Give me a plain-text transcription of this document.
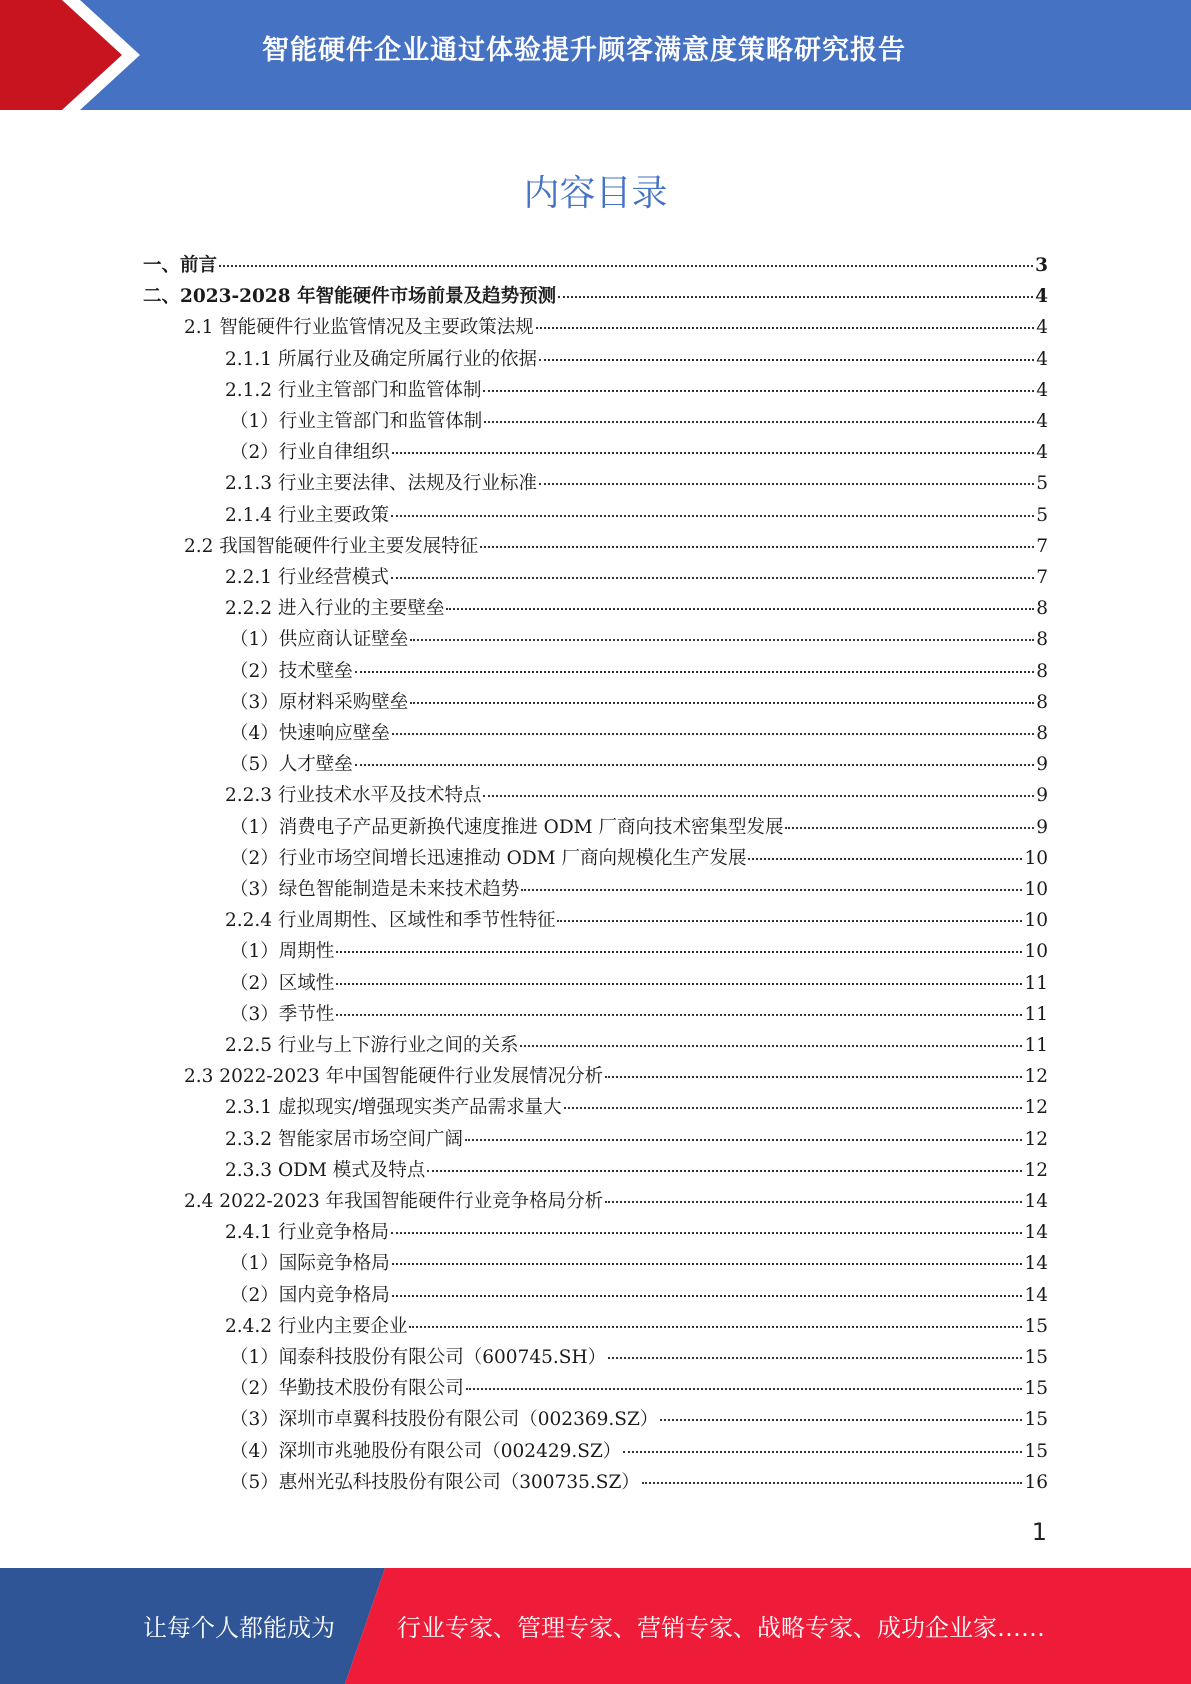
智能硬件企业通过体验提升顾客满意度策略研究报告
内容目录
一、前言	3
二、2023-2028 年智能硬件市场前景及趋势预测	4
2.1 智能硬件行业监管情况及主要政策法规	4
2.1.1 所属行业及确定所属行业的依据	4
2.1.2 行业主管部门和监管体制	4
（1）行业主管部门和监管体制	4
（2）行业自律组织	4
2.1.3 行业主要法律、法规及行业标准	5
2.1.4 行业主要政策	5
2.2 我国智能硬件行业主要发展特征	7
2.2.1 行业经营模式	7
2.2.2 进入行业的主要壁垒	8
（1）供应商认证壁垒	8
（2）技术壁垒	8
（3）原材料采购壁垒	8
（4）快速响应壁垒	8
（5）人才壁垒	9
2.2.3 行业技术水平及技术特点	9
（1）消费电子产品更新换代速度推进 ODM 厂商向技术密集型发展	9
（2）行业市场空间增长迅速推动 ODM 厂商向规模化生产发展	10
（3）绿色智能制造是未来技术趋势	10
2.2.4 行业周期性、区域性和季节性特征	10
（1）周期性	10
（2）区域性	11
（3）季节性	11
2.2.5 行业与上下游行业之间的关系	11
2.3 2022-2023 年中国智能硬件行业发展情况分析	12
2.3.1 虚拟现实/增强现实类产品需求量大	12
2.3.2 智能家居市场空间广阔	12
2.3.3 ODM 模式及特点	12
2.4 2022-2023 年我国智能硬件行业竞争格局分析	14
2.4.1 行业竞争格局	14
（1）国际竞争格局	14
（2）国内竞争格局	14
2.4.2 行业内主要企业	15
（1）闻泰科技股份有限公司（600745.SH）	15
（2）华勤技术股份有限公司	15
（3）深圳市卓翼科技股份有限公司（002369.SZ）	15
（4）深圳市兆驰股份有限公司（002429.SZ）	15
（5）惠州光弘科技股份有限公司（300735.SZ）	16
1
让每个人都能成为	行业专家、管理专家、营销专家、战略专家、成功企业家……
